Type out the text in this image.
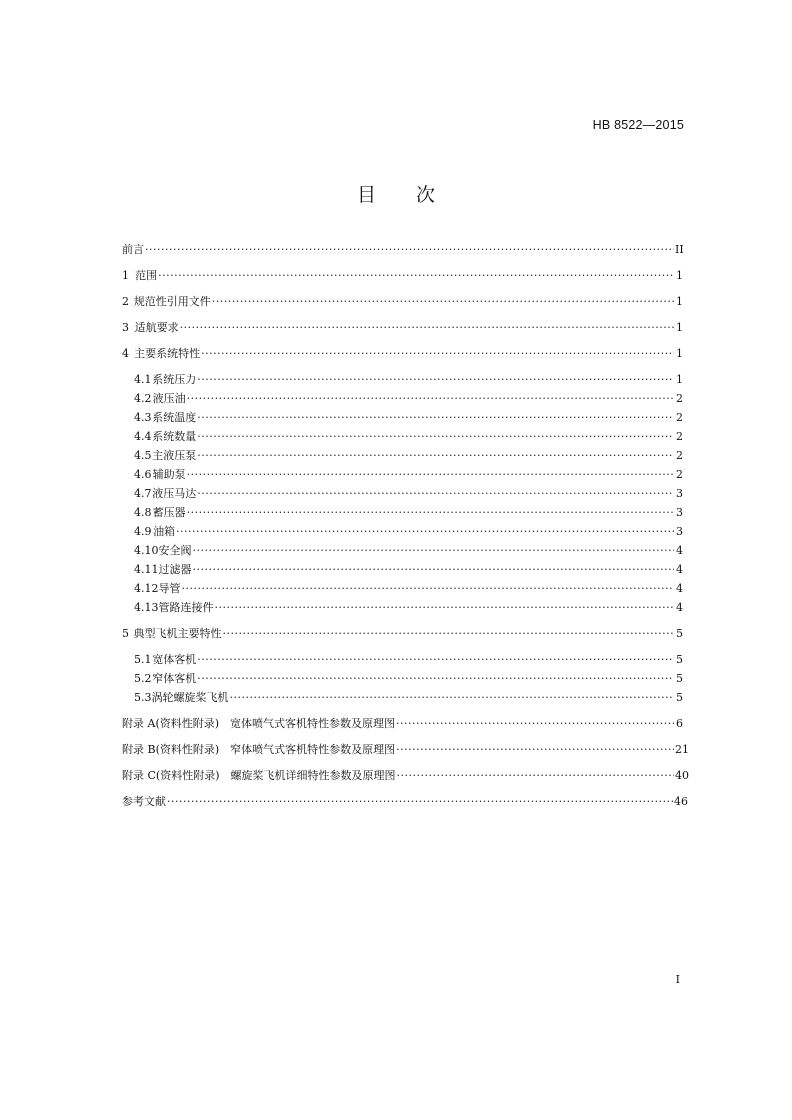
HB 8522—2015
目次
前言 ·····	II
1 范围 ·····	1
2 规范性引用文件 ·····	1
3 适航要求 ·····	1
4 主要系统特性 ·····	1
4.1 系统压力 ·····	1
4.2 液压油 ·····	2
4.3 系统温度 ·····	2
4.4 系统数量 ·····	2
4.5 主液压泵 ·····	2
4.6 辅助泵 ·····	2
4.7 液压马达 ·····	3
4.8 蓄压器 ·····	3
4.9 油箱 ·····	3
4.10 安全阀 ·····	4
4.11 过滤器 ·····	4
4.12 导管 ·····	4
4.13 管路连接件 ·····	4
5 典型飞机主要特性 ·····	5
5.1 宽体客机 ·····	5
5.2 窄体客机 ·····	5
5.3 涡轮螺旋桨飞机 ·····	5
附录 A(资料性附录)　宽体喷气式客机特性参数及原理图 ·····	6
附录 B(资料性附录)　窄体喷气式客机特性参数及原理图 ·····	21
附录 C(资料性附录)　螺旋桨飞机详细特性参数及原理图 ·····	40
参考文献 ·····	46
I
